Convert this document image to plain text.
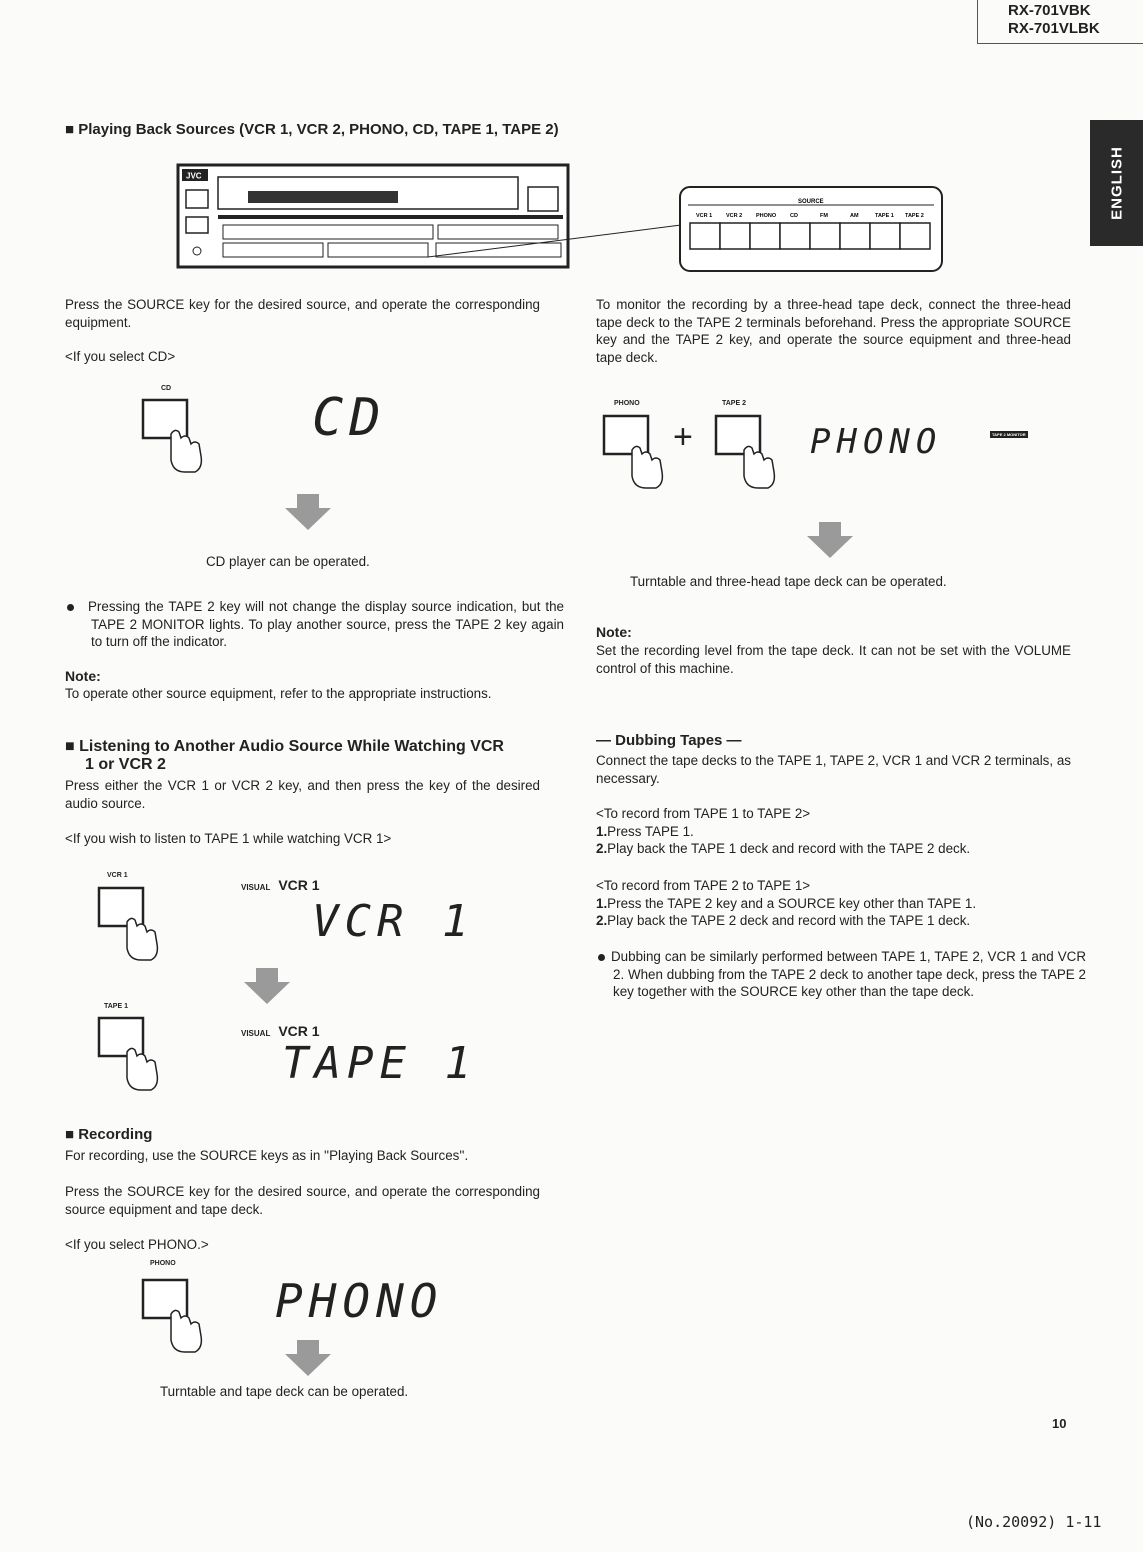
RX-701VBK
RX-701VLBK
ENGLISH
■ Playing Back Sources (VCR 1, VCR 2, PHONO, CD, TAPE 1, TAPE 2)
JVC
SOURCE
VCR 1	VCR 2	PHONO	CD	FM	AM	TAPE 1 TAPE 2
Press the SOURCE key for the desired source, and operate the corresponding equipment.
<If you select CD>
CD	CD
CD player can be operated.
Pressing the TAPE 2 key will not change the display source indication, but the TAPE 2 MONITOR lights. To play another source, press the TAPE 2 key again to turn off the indicator.
Note:
To operate other source equipment, refer to the appropriate instructions.
■ Listening to Another Audio Source While Watching VCR
1 or VCR 2
Press either the VCR 1 or VCR 2 key, and then press the key of the desired audio source.
<If you wish to listen to TAPE 1 while watching VCR 1>
VCR 1
VISUAL VCR 1
VCR 1
TAPE 1
VISUAL VCR 1
TAPE 1
■ Recording
For recording, use the SOURCE keys as in ''Playing Back Sources''.
Press the SOURCE key for the desired source, and operate the corresponding source equipment and tape deck.
<If you select PHONO.>
PHONO
PHONO
Turntable and tape deck can be operated.
To monitor the recording by a three-head tape deck, connect the three-head tape deck to the TAPE 2 terminals beforehand. Press the appropriate SOURCE key and the TAPE 2 key, and operate the source equipment and three-head tape deck.
PHONO	TAPE 2
+	PHONO	TAPE 2 MONITOR
Turntable and three-head tape deck can be operated.
Note:
Set the recording level from the tape deck. It can not be set with the VOLUME control of this machine.
— Dubbing Tapes —
Connect the tape decks to the TAPE 1, TAPE 2, VCR 1 and VCR 2 terminals, as necessary.
<To record from TAPE 1 to TAPE 2>
1.Press TAPE 1.
2.Play back the TAPE 1 deck and record with the TAPE 2 deck.
<To record from TAPE 2 to TAPE 1>
1.Press the TAPE 2 key and a SOURCE key other than TAPE 1.
2.Play back the TAPE 2 deck and record with the TAPE 1 deck.
Dubbing can be similarly performed between TAPE 1, TAPE 2, VCR 1 and VCR 2. When dubbing from the TAPE 2 deck to another tape deck, press the TAPE 2 key together with the SOURCE key other than the tape deck.
10
(No.20092) 1-11
